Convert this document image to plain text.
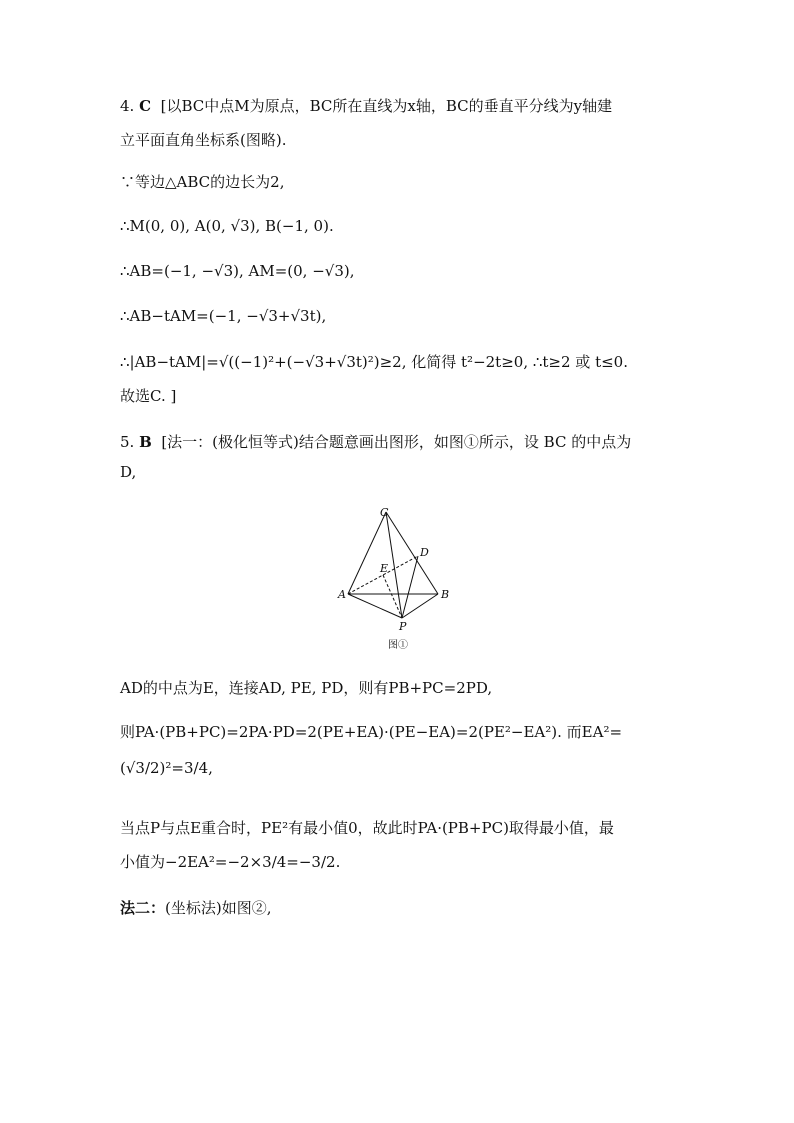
4. C [以BC中点M为原点，BC所在直线为x轴，BC的垂直平分线为y轴建
立平面直角坐标系(图略).
∵等边△ABC的边长为2,
∴M(0, 0), A(0, √3), B(−1, 0).
∴AB=(−1, −√3), AM=(0, −√3),
∴AB−tAM=(−1, −√3+√3t),
∴|AB−tAM|=√((−1)²+(−√3+√3t)²)≥2, 化简得 t²−2t≥0, ∴t≥2 或 t≤0.
故选C. ]
5. B [法一：(极化恒等式)结合题意画出图形，如图①所示，设 BC 的中点为
D,
C
D
E
A	B
P
图①
AD的中点为E，连接AD, PE, PD，则有PB+PC=2PD,
则PA·(PB+PC)=2PA·PD=2(PE+EA)·(PE−EA)=2(PE²−EA²). 而EA²=
(√3/2)²=3/4,
当点P与点E重合时，PE²有最小值0，故此时PA·(PB+PC)取得最小值，最
小值为−2EA²=−2×3/4=−3/2.
法二：(坐标法)如图②,
